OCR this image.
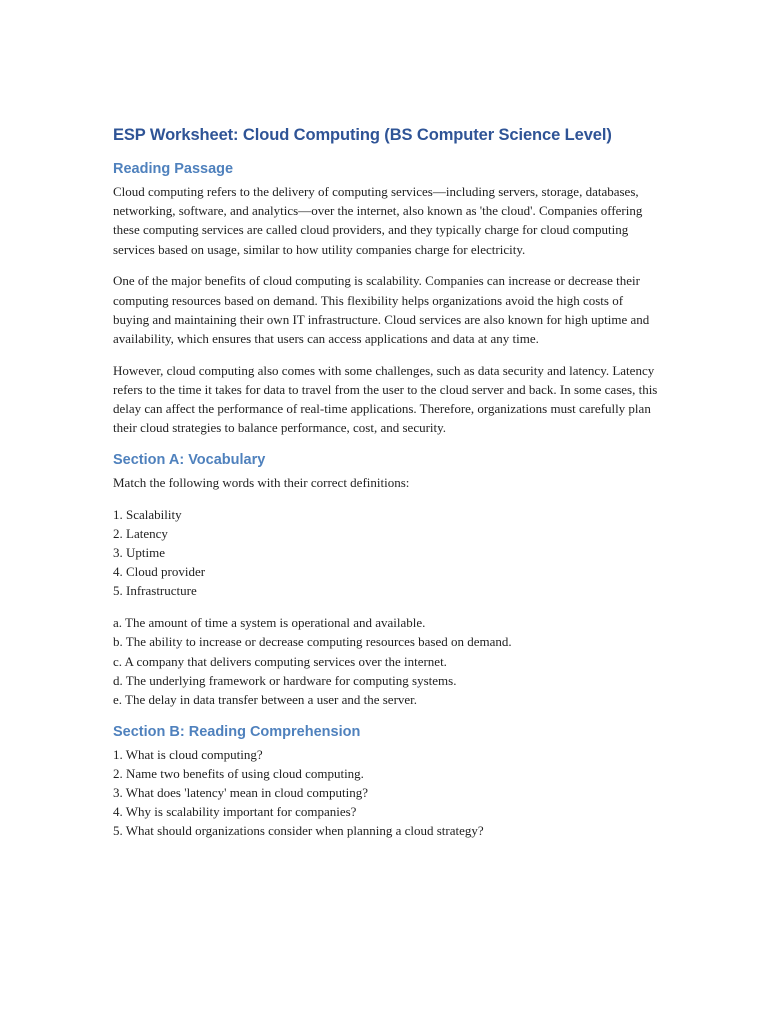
ESP Worksheet: Cloud Computing (BS Computer Science Level)
Reading Passage

Cloud computing refers to the delivery of computing services—including servers, storage, databases, networking, software, and analytics—over the internet, also known as 'the cloud'. Companies offering these computing services are called cloud providers, and they typically charge for cloud computing services based on usage, similar to how utility companies charge for electricity.

One of the major benefits of cloud computing is scalability. Companies can increase or decrease their computing resources based on demand. This flexibility helps organizations avoid the high costs of buying and maintaining their own IT infrastructure. Cloud services are also known for high uptime and availability, which ensures that users can access applications and data at any time.

However, cloud computing also comes with some challenges, such as data security and latency. Latency refers to the time it takes for data to travel from the user to the cloud server and back. In some cases, this delay can affect the performance of real-time applications. Therefore, organizations must carefully plan their cloud strategies to balance performance, cost, and security.

Section A: Vocabulary

Match the following words with their correct definitions:

1. Scalability
2. Latency
3. Uptime
4. Cloud provider
5. Infrastructure
a. The amount of time a system is operational and available.
b. The ability to increase or decrease computing resources based on demand.
c. A company that delivers computing services over the internet.
d. The underlying framework or hardware for computing systems.
e. The delay in data transfer between a user and the server.
Section B: Reading Comprehension
1. What is cloud computing?
2. Name two benefits of using cloud computing.
3. What does 'latency' mean in cloud computing?
4. Why is scalability important for companies?
5. What should organizations consider when planning a cloud strategy?
